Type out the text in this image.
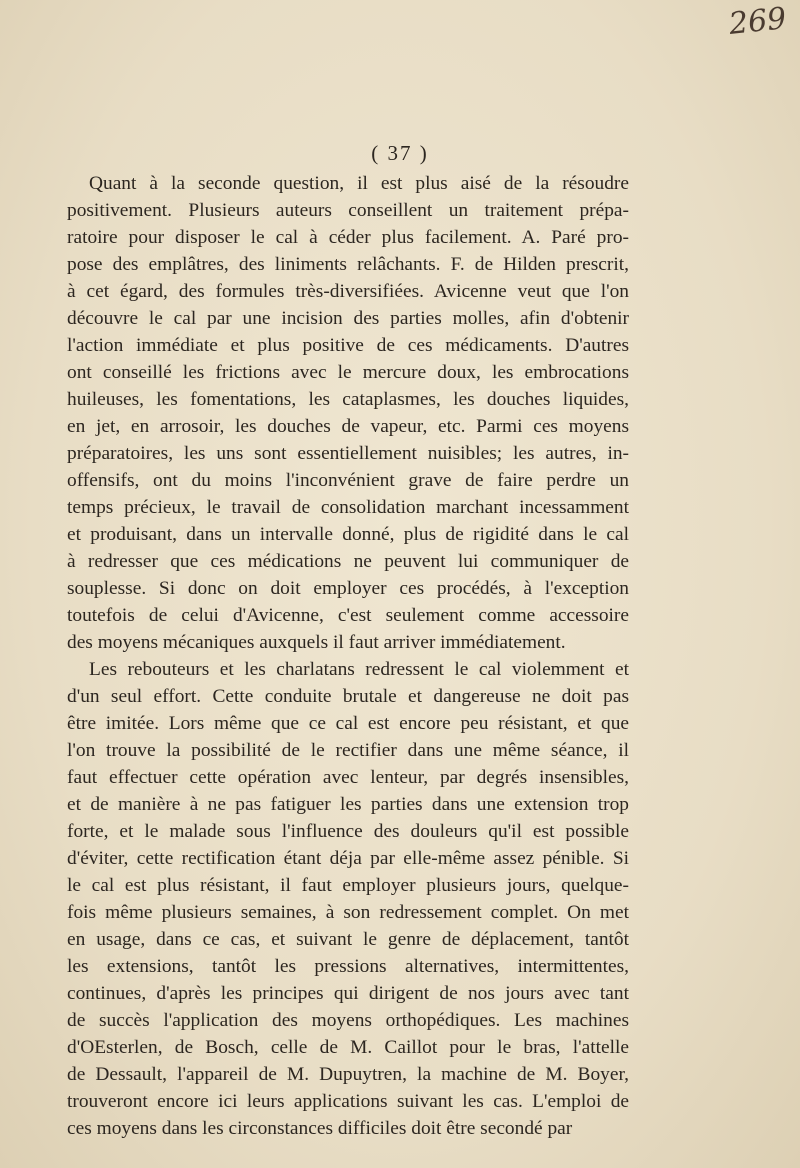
269
( 37 )

Quant à la seconde question, il est plus aisé de la résoudre
positivement. Plusieurs auteurs conseillent un traitement prépa-
ratoire pour disposer le cal à céder plus facilement. A. Paré pro-
pose des emplâtres, des liniments relâchants. F. de Hilden prescrit,
à cet égard, des formules très-diversifiées. Avicenne veut que l'on
découvre le cal par une incision des parties molles, afin d'obtenir
l'action immédiate et plus positive de ces médicaments. D'autres
ont conseillé les frictions avec le mercure doux, les embrocations
huileuses, les fomentations, les cataplasmes, les douches liquides,
en jet, en arrosoir, les douches de vapeur, etc. Parmi ces moyens
préparatoires, les uns sont essentiellement nuisibles; les autres, in-
offensifs, ont du moins l'inconvénient grave de faire perdre un
temps précieux, le travail de consolidation marchant incessamment
et produisant, dans un intervalle donné, plus de rigidité dans le cal
à redresser que ces médications ne peuvent lui communiquer de
souplesse. Si donc on doit employer ces procédés, à l'exception
toutefois de celui d'Avicenne, c'est seulement comme accessoire
des moyens mécaniques auxquels il faut arriver immédiatement.

Les rebouteurs et les charlatans redressent le cal violemment et
d'un seul effort. Cette conduite brutale et dangereuse ne doit pas
être imitée. Lors même que ce cal est encore peu résistant, et que
l'on trouve la possibilité de le rectifier dans une même séance, il
faut effectuer cette opération avec lenteur, par degrés insensibles,
et de manière à ne pas fatiguer les parties dans une extension trop
forte, et le malade sous l'influence des douleurs qu'il est possible
d'éviter, cette rectification étant déja par elle-même assez pénible. Si
le cal est plus résistant, il faut employer plusieurs jours, quelque-
fois même plusieurs semaines, à son redressement complet. On met
en usage, dans ce cas, et suivant le genre de déplacement, tantôt
les extensions, tantôt les pressions alternatives, intermittentes,
continues, d'après les principes qui dirigent de nos jours avec tant
de succès l'application des moyens orthopédiques. Les machines
d'OEsterlen, de Bosch, celle de M. Caillot pour le bras, l'attelle
de Dessault, l'appareil de M. Dupuytren, la machine de M. Boyer,
trouveront encore ici leurs applications suivant les cas. L'emploi de
ces moyens dans les circonstances difficiles doit être secondé par
